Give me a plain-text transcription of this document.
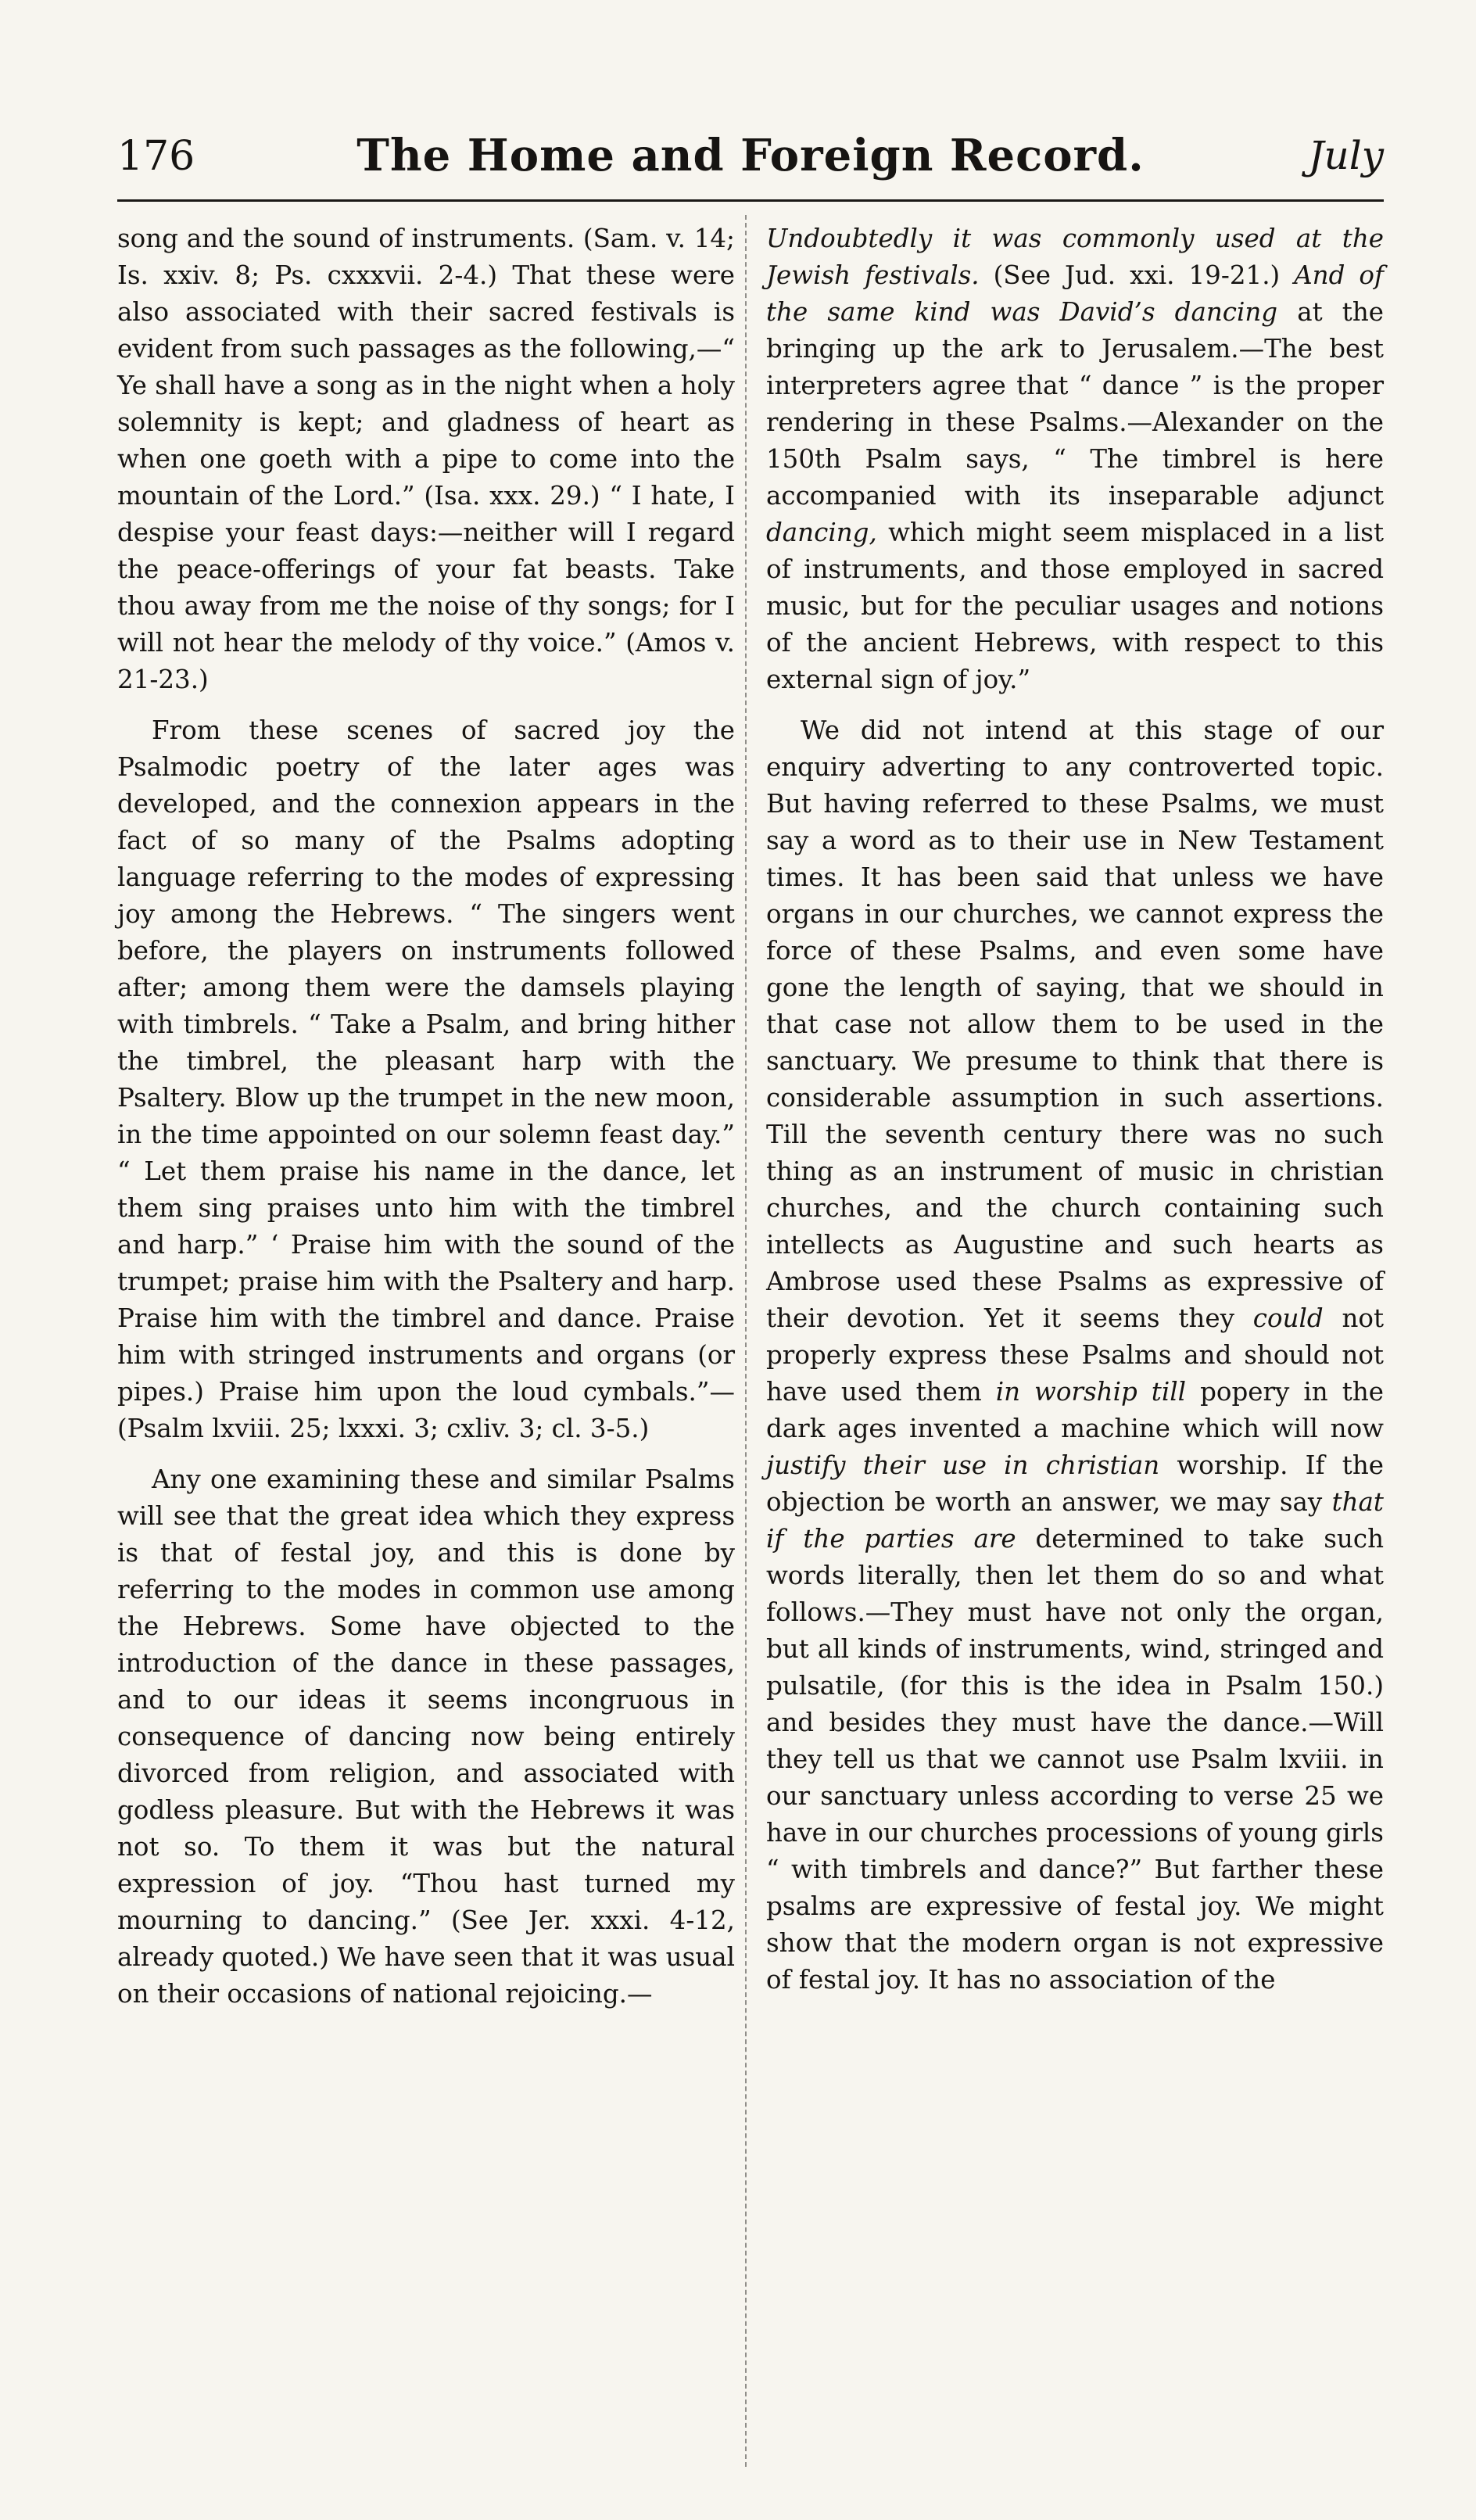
176	The Home and Foreign Record.	July

song and the sound of instruments. (Sam. v. 14; Is. xxiv. 8; Ps. cxxxvii. 2-4.) That these were also associated with their sacred festivals is evident from such passages as the following,—“ Ye shall have a song as in the night when a holy solemnity is kept; and gladness of heart as when one goeth with a pipe to come into the mountain of the Lord.” (Isa. xxx. 29.) “ I hate, I despise your feast days:—neither will I regard the peace-offerings of your fat beasts. Take thou away from me the noise of thy songs; for I will not hear the melody of thy voice.” (Amos v. 21-23.)

From these scenes of sacred joy the Psalmodic poetry of the later ages was developed, and the connexion appears in the fact of so many of the Psalms adopting language referring to the modes of expressing joy among the Hebrews. “ The singers went before, the players on instruments followed after; among them were the damsels playing with timbrels. “ Take a Psalm, and bring hither the timbrel, the pleasant harp with the Psaltery. Blow up the trumpet in the new moon, in the time appointed on our solemn feast day.” “ Let them praise his name in the dance, let them sing praises unto him with the timbrel and harp.” ‘ Praise him with the sound of the trumpet; praise him with the Psaltery and harp. Praise him with the timbrel and dance. Praise him with stringed instruments and organs (or pipes.) Praise him upon the loud cymbals.”—(Psalm lxviii. 25; lxxxi. 3; cxliv. 3; cl. 3-5.)

Any one examining these and similar Psalms will see that the great idea which they express is that of festal joy, and this is done by referring to the modes in common use among the Hebrews. Some have objected to the introduction of the dance in these passages, and to our ideas it seems incongruous in consequence of dancing now being entirely divorced from religion, and associated with godless pleasure. But with the Hebrews it was not so. To them it was but the natural expression of joy. “Thou hast turned my mourning to dancing.” (See Jer. xxxi. 4-12, already quoted.) We have seen that it was usual on their occasions of national rejoicing.—

Undoubtedly it was commonly used at the Jewish festivals. (See Jud. xxi. 19-21.) And of the same kind was David’s dancing at the bringing up the ark to Jerusalem.—The best interpreters agree that “ dance ” is the proper rendering in these Psalms.—Alexander on the 150th Psalm says, “ The timbrel is here accompanied with its inseparable adjunct dancing, which might seem misplaced in a list of instruments, and those employed in sacred music, but for the peculiar usages and notions of the ancient Hebrews, with respect to this external sign of joy.”

We did not intend at this stage of our enquiry adverting to any controverted topic. But having referred to these Psalms, we must say a word as to their use in New Testament times. It has been said that unless we have organs in our churches, we cannot express the force of these Psalms, and even some have gone the length of saying, that we should in that case not allow them to be used in the sanctuary. We presume to think that there is considerable assumption in such assertions. Till the seventh century there was no such thing as an instrument of music in christian churches, and the church containing such intellects as Augustine and such hearts as Ambrose used these Psalms as expressive of their devotion. Yet it seems they could not properly express these Psalms and should not have used them in worship till popery in the dark ages invented a machine which will now justify their use in christian worship. If the objection be worth an answer, we may say that if the parties are determined to take such words literally, then let them do so and what follows.—They must have not only the organ, but all kinds of instruments, wind, stringed and pulsatile, (for this is the idea in Psalm 150.) and besides they must have the dance.—Will they tell us that we cannot use Psalm lxviii. in our sanctuary unless according to verse 25 we have in our churches processions of young girls “ with timbrels and dance?” But farther these psalms are expressive of festal joy. We might show that the modern organ is not expressive of festal joy. It has no association of the
